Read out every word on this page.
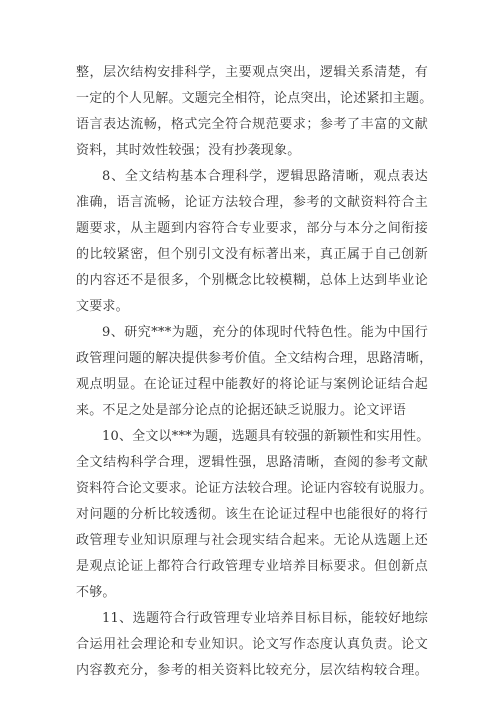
整，层次结构安排科学，主要观点突出，逻辑关系清楚，有
一定的个人见解。文题完全相符，论点突出，论述紧扣主题。
语言表达流畅，格式完全符合规范要求；参考了丰富的文献
资料，其时效性较强；没有抄袭现象。
8、全文结构基本合理科学，逻辑思路清晰，观点表达
准确，语言流畅，论证方法较合理，参考的文献资料符合主
题要求，从主题到内容符合专业要求，部分与本分之间衔接
的比较紧密，但个别引文没有标著出来，真正属于自己创新
的内容还不是很多，个别概念比较模糊，总体上达到毕业论
文要求。
9、研究***为题，充分的体现时代特色性。能为中国行
政管理问题的解决提供参考价值。全文结构合理，思路清晰，
观点明显。在论证过程中能教好的将论证与案例论证结合起
来。不足之处是部分论点的论据还缺乏说服力。论文评语
10、全文以***为题，选题具有较强的新颖性和实用性。
全文结构科学合理，逻辑性强，思路清晰，查阅的参考文献
资料符合论文要求。论证方法较合理。论证内容较有说服力。
对问题的分析比较透彻。该生在论证过程中也能很好的将行
政管理专业知识原理与社会现实结合起来。无论从选题上还
是观点论证上都符合行政管理专业培养目标要求。但创新点
不够。
11、选题符合行政管理专业培养目标目标，能较好地综
合运用社会理论和专业知识。论文写作态度认真负责。论文
内容教充分，参考的相关资料比较充分，层次结构较合理。
